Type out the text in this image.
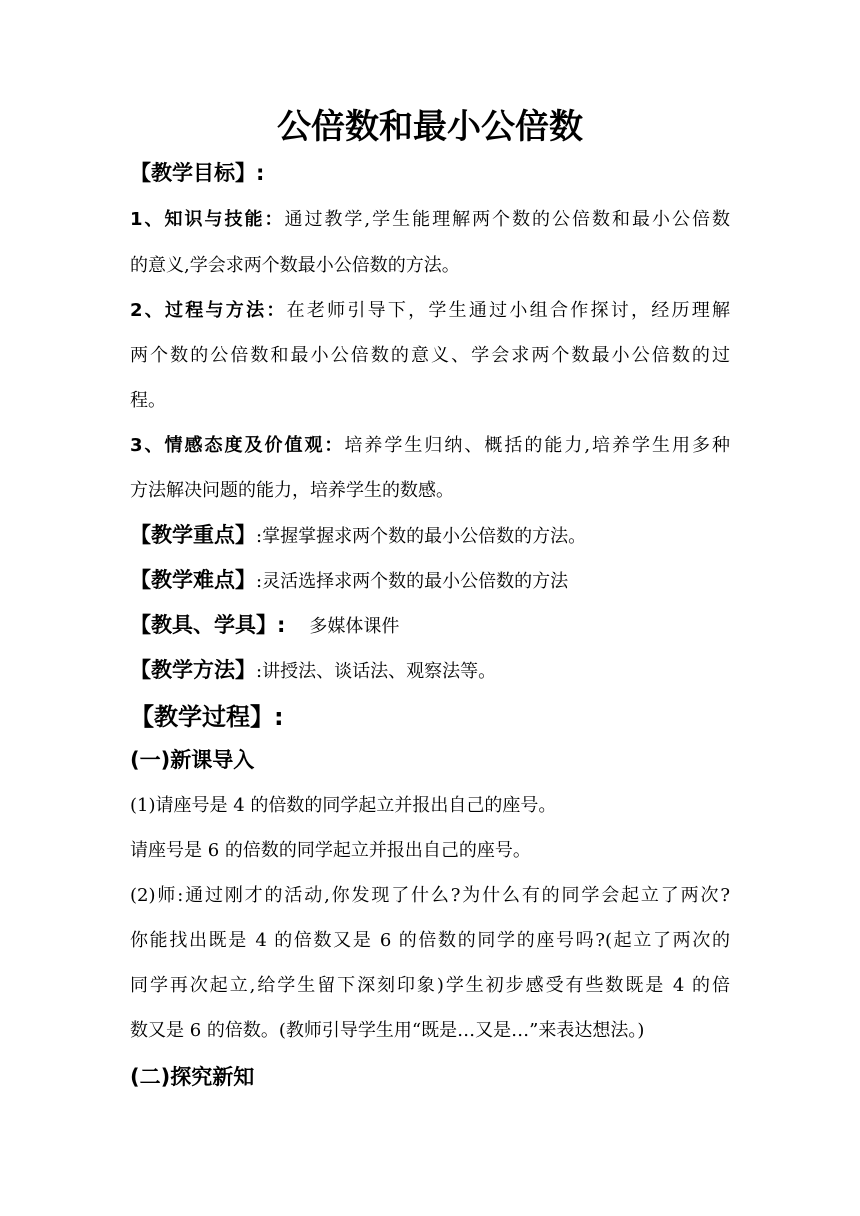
公倍数和最小公倍数
【教学目标】:
1、知识与技能：通过教学,学生能理解两个数的公倍数和最小公倍数
的意义,学会求两个数最小公倍数的方法。
2、过程与方法：在老师引导下，学生通过小组合作探讨，经历理解
两个数的公倍数和最小公倍数的意义、学会求两个数最小公倍数的过
程。
3、情感态度及价值观：培养学生归纳、概括的能力,培养学生用多种
方法解决问题的能力，培养学生的数感。
【教学重点】:掌握掌握求两个数的最小公倍数的方法。
【教学难点】:灵活选择求两个数的最小公倍数的方法
【教具、学具】: 多媒体课件
【教学方法】:讲授法、谈话法、观察法等。
【教学过程】:
(一)新课导入
(1)请座号是 4 的倍数的同学起立并报出自己的座号。
请座号是 6 的倍数的同学起立并报出自己的座号。
(2)师:通过刚才的活动,你发现了什么?为什么有的同学会起立了两次?
你能找出既是 4 的倍数又是 6 的倍数的同学的座号吗?(起立了两次的
同学再次起立,给学生留下深刻印象)学生初步感受有些数既是 4 的倍
数又是 6 的倍数。(教师引导学生用“既是…又是…”来表达想法。)
(二)探究新知
